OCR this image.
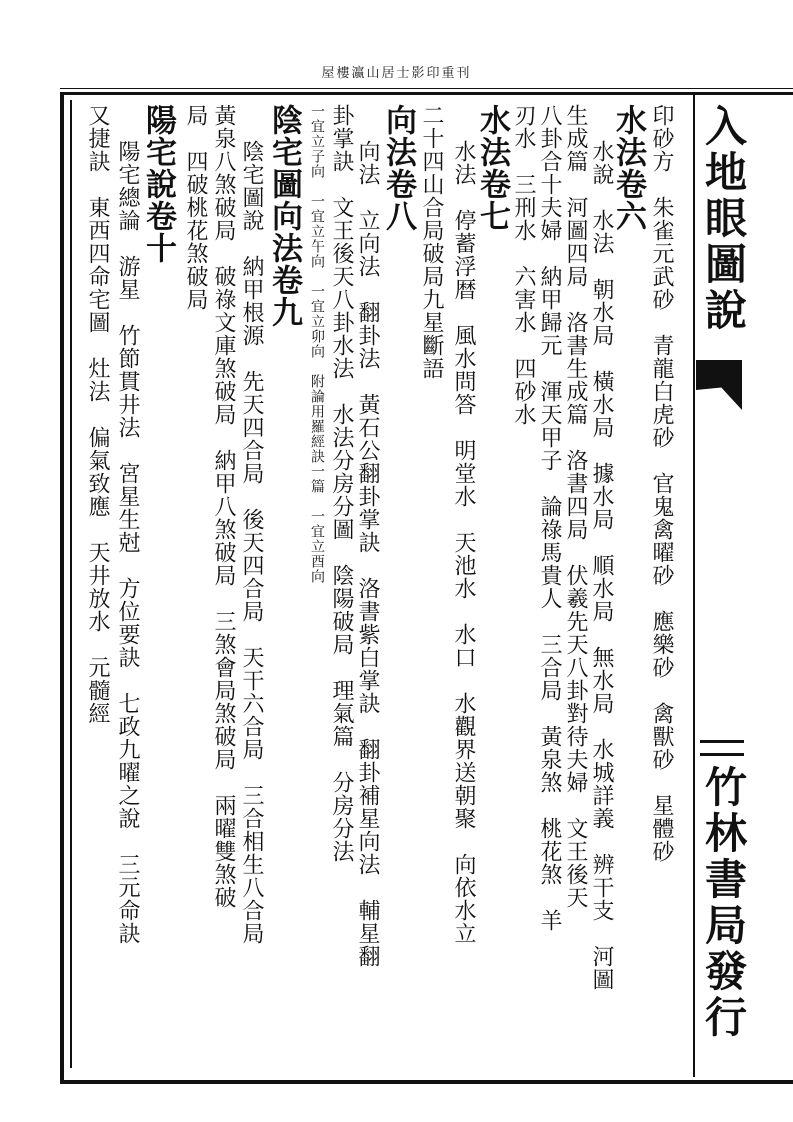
屋樓瀛山居士影印重刊
入地眼圖說
竹林書局發行
印砂方　朱雀元武砂　青龍白虎砂　官鬼禽曜砂　應樂砂　禽獸砂　星體砂
水法卷六
水說　水法　朝水局　橫水局　據水局　順水局　無水局　水城詳義　辨干支　河圖
生成篇　河圖四局　洛書生成篇　洛書四局　伏羲先天八卦對待夫婦　文王後天
八卦合十夫婦　納甲歸元　渾天甲子　論祿馬貴人　三合局　黃泉煞　桃花煞　羊
刃水　三刑水　六害水　四砂水
水法卷七
水法　停蓄浮暦　風水問答　明堂水　天池水　水口　水觀界送朝聚　向依水立
二十四山合局破局九星斷語
向法卷八
向法　立向法　翻卦法　黃石公翻卦掌訣　洛書紫白掌訣　翻卦補星向法　輔星翻
卦掌訣　文王後天八卦水法　水法分房分圖　陰陽破局　理氣篇　分房分法
一宜立子向　一宜立午向　一宜立卯向　附論用羅經訣一篇　一宜立酉向
陰宅圖向法卷九
陰宅圖說　納甲根源　先天四合局　後天四合局　天干六合局　三合相生八合局
黃泉八煞破局　破祿文庫煞破局　納甲八煞破局　三煞會局煞破局　兩曜雙煞破
局　四破桃花煞破局
陽宅說卷十
陽宅總論　游星　竹節貫井法　宮星生尅　方位要訣　七政九曜之說　三元命訣
又捷訣　東西四命宅圖　灶法　偏氣致應　天井放水　元髓經
